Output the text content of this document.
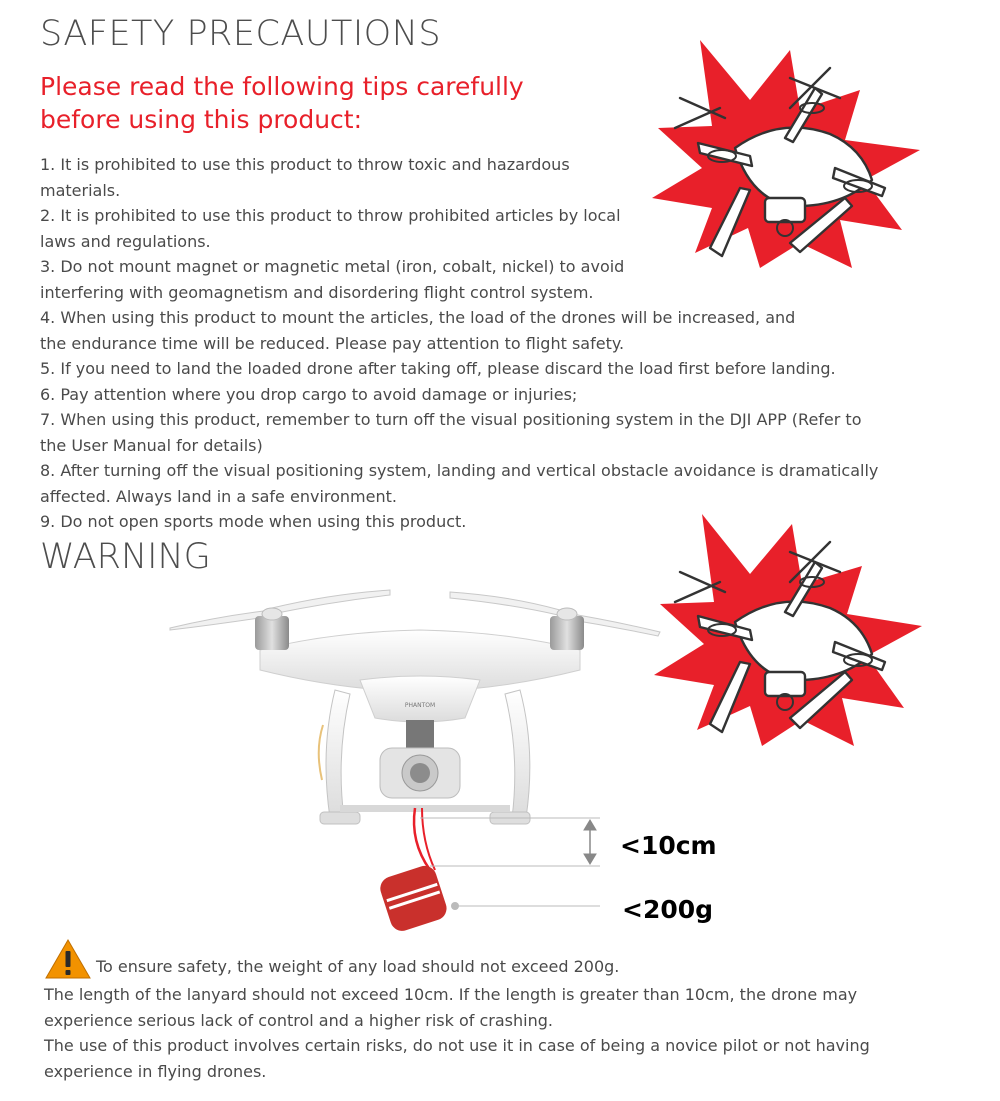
SAFETY PRECAUTIONS
Please read the following tips carefully before using this product:
1. It is prohibited to use this product to throw toxic and hazardous materials.
2. It is prohibited to use this product to throw prohibited articles by local laws and regulations.
3. Do not mount magnet or magnetic metal (iron, cobalt, nickel) to avoid interfering with geomagnetism and disordering flight control system.
4. When using this product to mount the articles, the load of the drones will be increased, and the endurance time will be reduced. Please pay attention to flight safety.
5. If you need to land the loaded drone after taking off, please discard the load first before landing.
6. Pay attention where you drop cargo to avoid damage or injuries;
7. When using this product, remember to turn off the visual positioning system in the DJI APP (Refer to the User Manual for details)
8. After turning off the visual positioning system, landing and vertical obstacle avoidance is dramatically affected. Always land in a safe environment.
9. Do not open sports mode when using this product.
WARNING
PHANTOM
<10cm
<200g
To ensure safety, the weight of any load should not exceed 200g.
The length of the lanyard should not exceed 10cm. If the length is greater than 10cm, the drone may experience serious lack of control and a higher risk of crashing.
The use of this product involves certain risks, do not use it in case of being a novice pilot or not having experience in flying drones.
